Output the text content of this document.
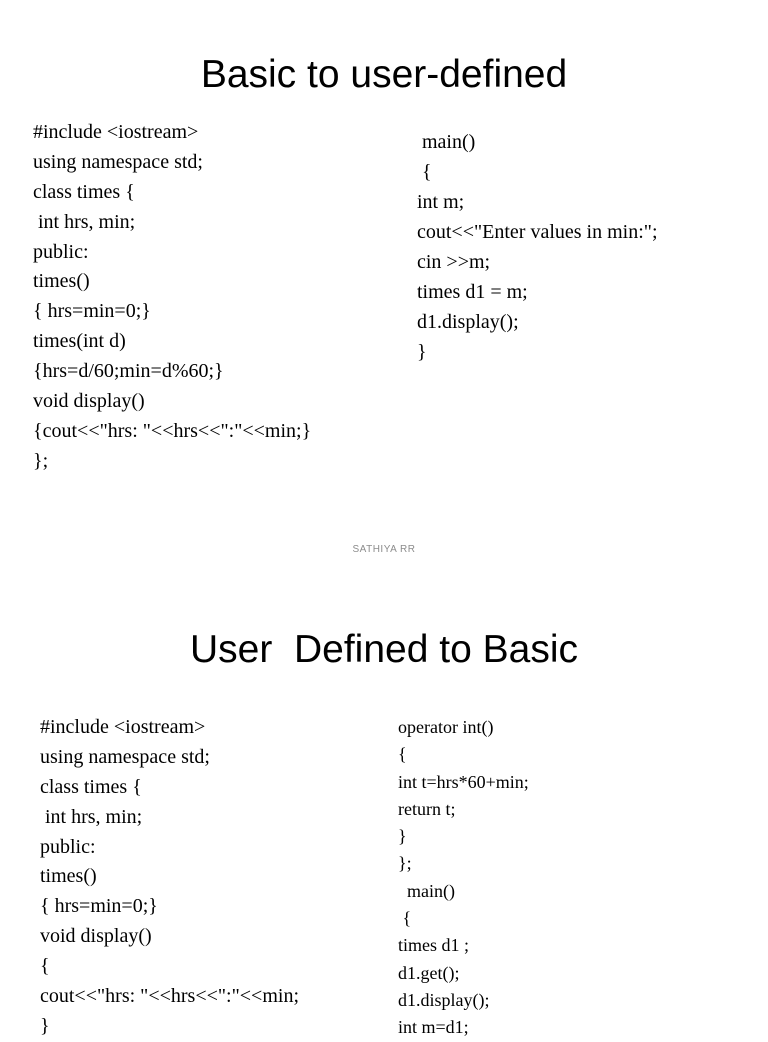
Basic to user-defined
#include <iostream>
using namespace std;
class times {
int hrs, min;
public:
times()
{ hrs=min=0;}
times(int d)
{hrs=d/60;min=d%60;}
void display()
{cout<<"hrs: "<<hrs<<":"<<min;}
};
main()
{
int m;
cout<<"Enter values in min:";
cin >>m;
times d1 = m;
d1.display();
}
SATHIYA RR
User  Defined to Basic
#include <iostream>
using namespace std;
class times {
int hrs, min;
public:
times()
{ hrs=min=0;}
void display()
{
cout<<"hrs: "<<hrs<<":"<<min;
}
operator int()
{
int t=hrs*60+min;
return t;
}
};
main()
{
times d1 ;
d1.get();
d1.display();
int m=d1;
